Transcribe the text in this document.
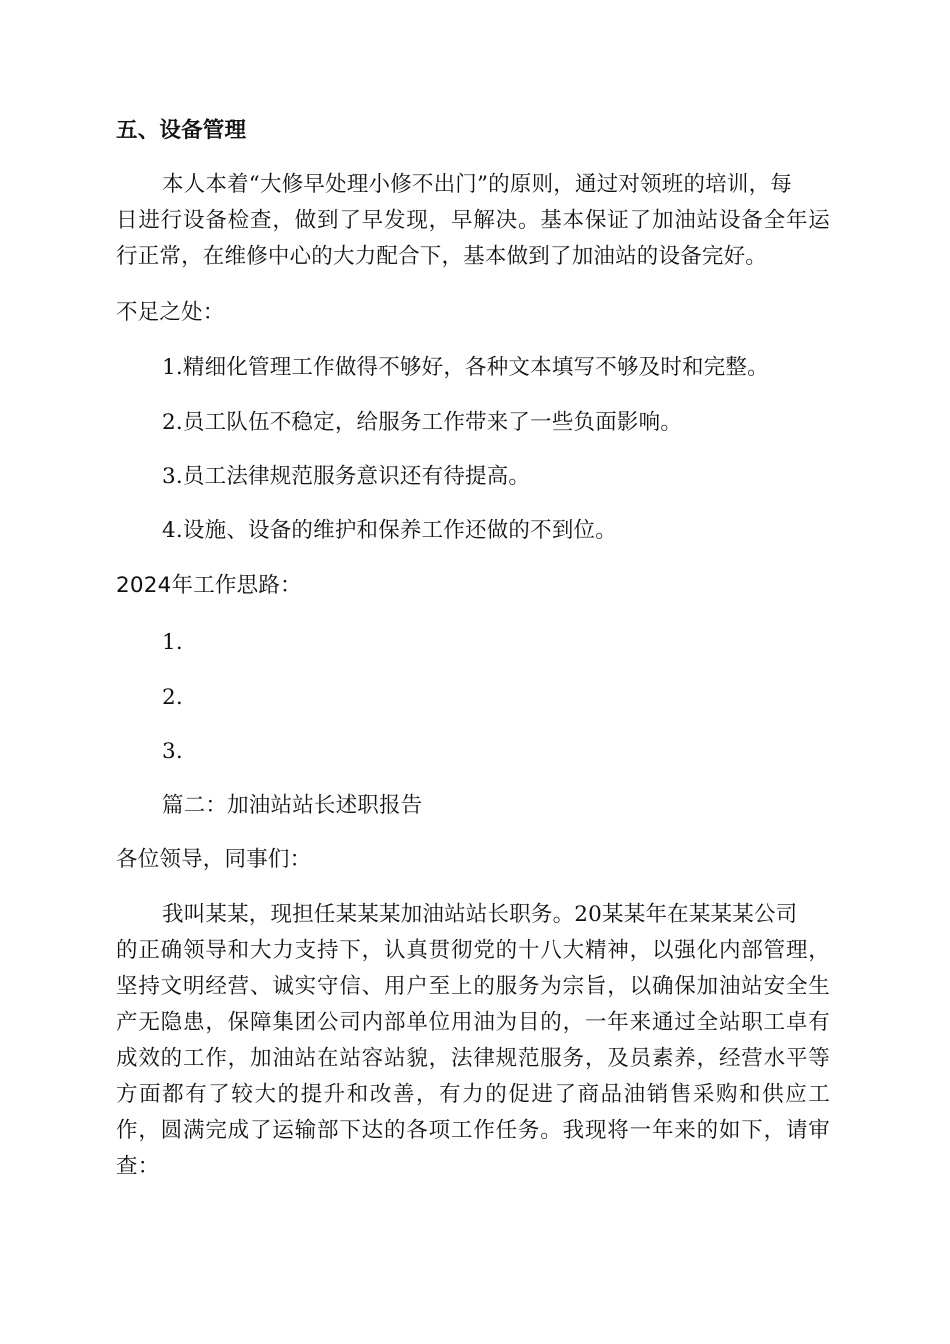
五、设备管理
本人本着“大修早处理小修不出门”的原则，通过对领班的培训，每
日进行设备检查，做到了早发现，早解决。基本保证了加油站设备全年运
行正常，在维修中心的大力配合下，基本做到了加油站的设备完好。
不足之处：
1.精细化管理工作做得不够好，各种文本填写不够及时和完整。
2.员工队伍不稳定，给服务工作带来了一些负面影响。
3.员工法律规范服务意识还有待提高。
4.设施、设备的维护和保养工作还做的不到位。
2024年工作思路：
1.
2.
3.
篇二：加油站站长述职报告
各位领导，同事们：
我叫某某，现担任某某某加油站站长职务。20某某年在某某某公司
的正确领导和大力支持下，认真贯彻党的十八大精神，以强化内部管理，
坚持文明经营、诚实守信、用户至上的服务为宗旨，以确保加油站安全生
产无隐患，保障集团公司内部单位用油为目的，一年来通过全站职工卓有
成效的工作，加油站在站容站貌，法律规范服务，及员素养，经营水平等
方面都有了较大的提升和改善，有力的促进了商品油销售采购和供应工
作，圆满完成了运输部下达的各项工作任务。我现将一年来的如下，请审
查：
